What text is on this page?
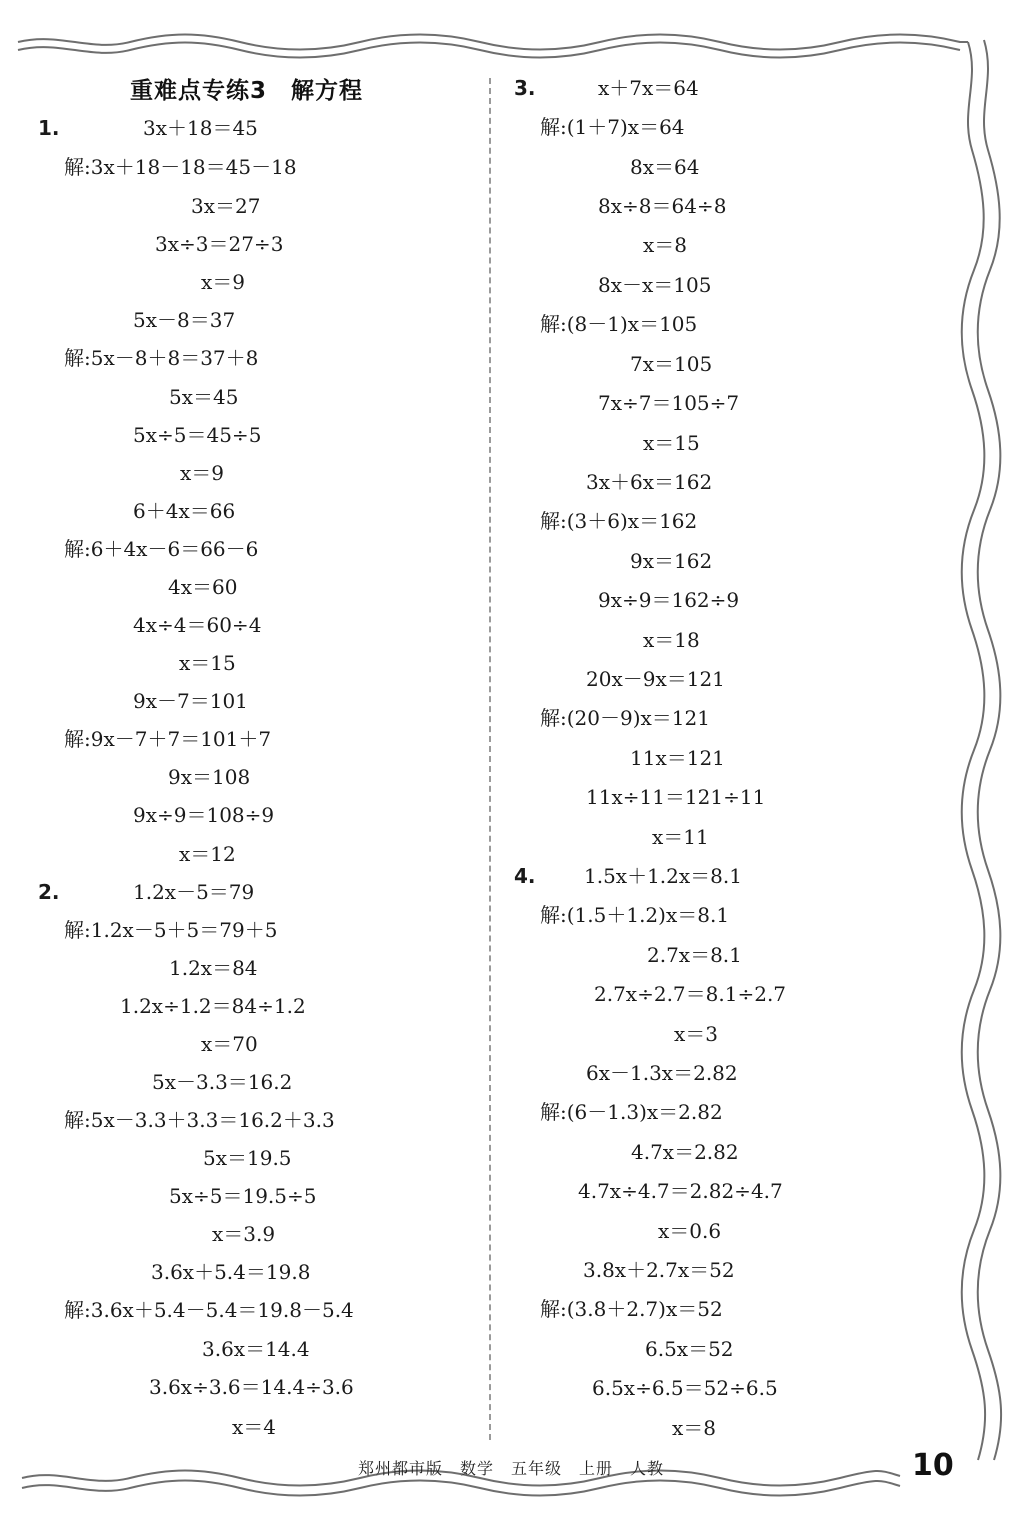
重难点专练3　解方程
1.	3x＋18＝45
解:3x＋18－18＝45－18
3x＝27
3x÷3＝27÷3
x＝9
5x－8＝37
解:5x－8＋8＝37＋8
5x＝45
5x÷5＝45÷5
x＝9
6＋4x＝66
解:6＋4x－6＝66－6
4x＝60
4x÷4＝60÷4
x＝15
9x－7＝101
解:9x－7＋7＝101＋7
9x＝108
9x÷9＝108÷9
x＝12
2.	1.2x－5＝79
解:1.2x－5＋5＝79＋5
1.2x＝84
1.2x÷1.2＝84÷1.2
x＝70
5x－3.3＝16.2
解:5x－3.3＋3.3＝16.2＋3.3
5x＝19.5
5x÷5＝19.5÷5
x＝3.9
3.6x＋5.4＝19.8
解:3.6x＋5.4－5.4＝19.8－5.4
3.6x＝14.4
3.6x÷3.6＝14.4÷3.6
x＝4
3.	x＋7x＝64
解:(1＋7)x＝64
8x＝64
8x÷8＝64÷8
x＝8
8x－x＝105
解:(8－1)x＝105
7x＝105
7x÷7＝105÷7
x＝15
3x＋6x＝162
解:(3＋6)x＝162
9x＝162
9x÷9＝162÷9
x＝18
20x－9x＝121
解:(20－9)x＝121
11x＝121
11x÷11＝121÷11
x＝11
4. 1.5x＋1.2x＝8.1
解:(1.5＋1.2)x＝8.1
2.7x＝8.1
2.7x÷2.7＝8.1÷2.7
x＝3
6x－1.3x＝2.82
解:(6－1.3)x＝2.82
4.7x＝2.82
4.7x÷4.7＝2.82÷4.7
x＝0.6
3.8x＋2.7x＝52
解:(3.8＋2.7)x＝52
6.5x＝52
6.5x÷6.5＝52÷6.5
x＝8
郑州都市版　数学　五年级　上册　人教	10
